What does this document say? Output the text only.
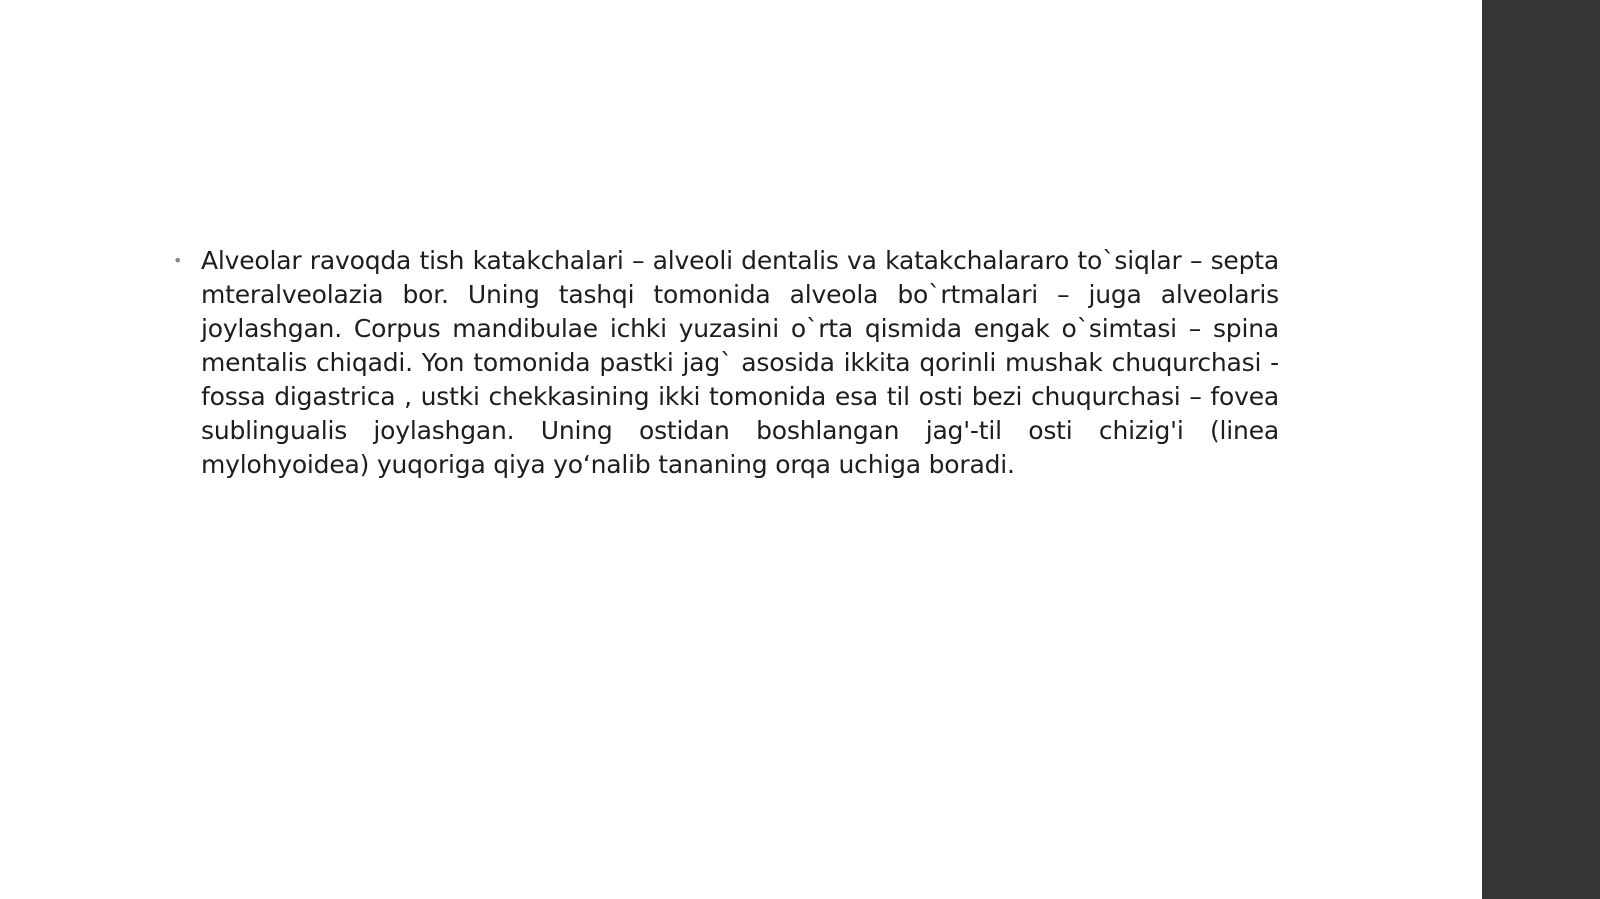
• Alveolar ravoqda tish katakchalari – alveoli dentalis va katakchalararo to`siqlar – septa mteralveolazia bor. Uning tashqi tomonida alveola bo`rtmalari – juga alveolaris joylashgan. Corpus mandibulae ichki yuzasini o`rta qismida engak o`simtasi – spina mentalis chiqadi. Yon tomonida pastki jag` asosida ikkita qorinli mushak chuqurchasi - fossa digastrica , ustki chekkasining ikki tomonida esa til osti bezi chuqurchasi – fovea sublingualis joylashgan. Uning ostidan boshlangan jag'-til osti chizig'i (linea mylohyoidea) yuqoriga qiya yo‘nalib tananing orqa uchiga boradi.
